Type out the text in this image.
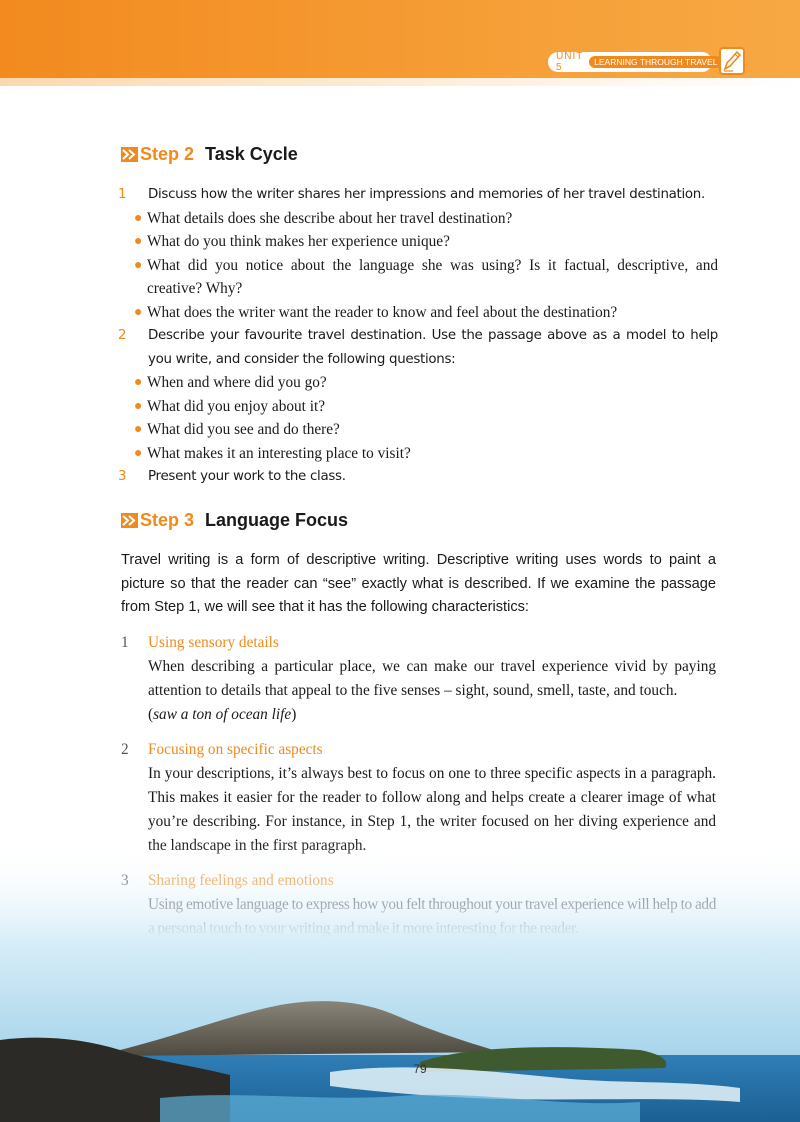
UNIT 5	LEARNING THROUGH TRAVEL
Step 2 Task Cycle
1	Discuss how the writer shares her impressions and memories of her travel destination.
● What details does she describe about her travel destination?
● What do you think makes her experience unique?
● What did you notice about the language she was using? Is it factual, descriptive, and creative? Why?
● What does the writer want the reader to know and feel about the destination?
2	Describe your favourite travel destination. Use the passage above as a model to help you write, and consider the following questions:
● When and where did you go?
● What did you enjoy about it?
● What did you see and do there?
● What makes it an interesting place to visit?
3	Present your work to the class.
Step 3 Language Focus
Travel writing is a form of descriptive writing. Descriptive writing uses words to paint a picture so that the reader can “see” exactly what is described. If we examine the passage from Step 1, we will see that it has the following characteristics:
1	Using sensory details
When describing a particular place, we can make our travel experience vivid by paying attention to details that appeal to the five senses – sight, sound, smell, taste, and touch.
(saw a ton of ocean life)
2	Focusing on specific aspects
In your descriptions, it’s always best to focus on one to three specific aspects in a paragraph. This makes it easier for the reader to follow along and helps create a clearer image of what you’re describing. For instance, in Step 1, the writer focused on her diving experience and

79
